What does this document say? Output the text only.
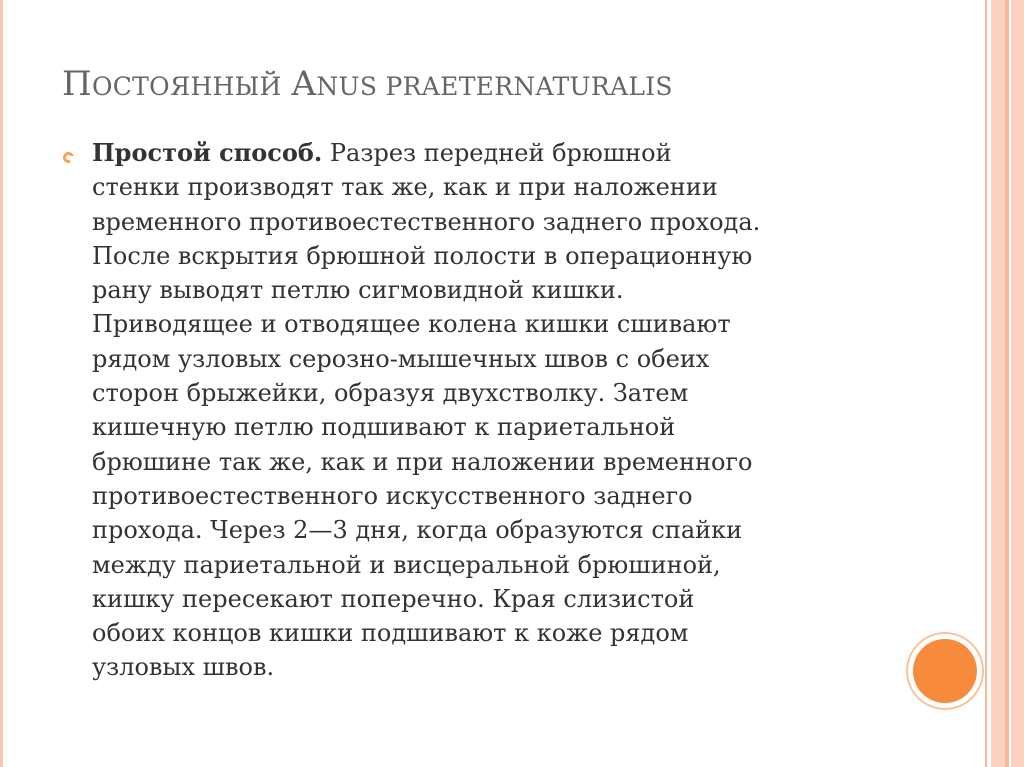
ПОСТОЯННЫЙ ANUS PRAETERNATURALIS
Простой способ. Разрез передней брюшной
стенки производят так же, как и при наложении
временного противоестественного заднего прохода.
После вскрытия брюшной полости в операционную
рану выводят петлю сигмовидной кишки.
Приводящее и отводящее колена кишки сшивают
рядом узловых серозно-мышечных швов с обеих
сторон брыжейки, образуя двухстволку. Затем
кишечную петлю подшивают к париетальной
брюшине так же, как и при наложении временного
противоестественного искусственного заднего
прохода. Через 2—3 дня, когда образуются спайки
между париетальной и висцеральной брюшиной,
кишку пересекают поперечно. Края слизистой
обоих концов кишки подшивают к коже рядом
узловых швов.
